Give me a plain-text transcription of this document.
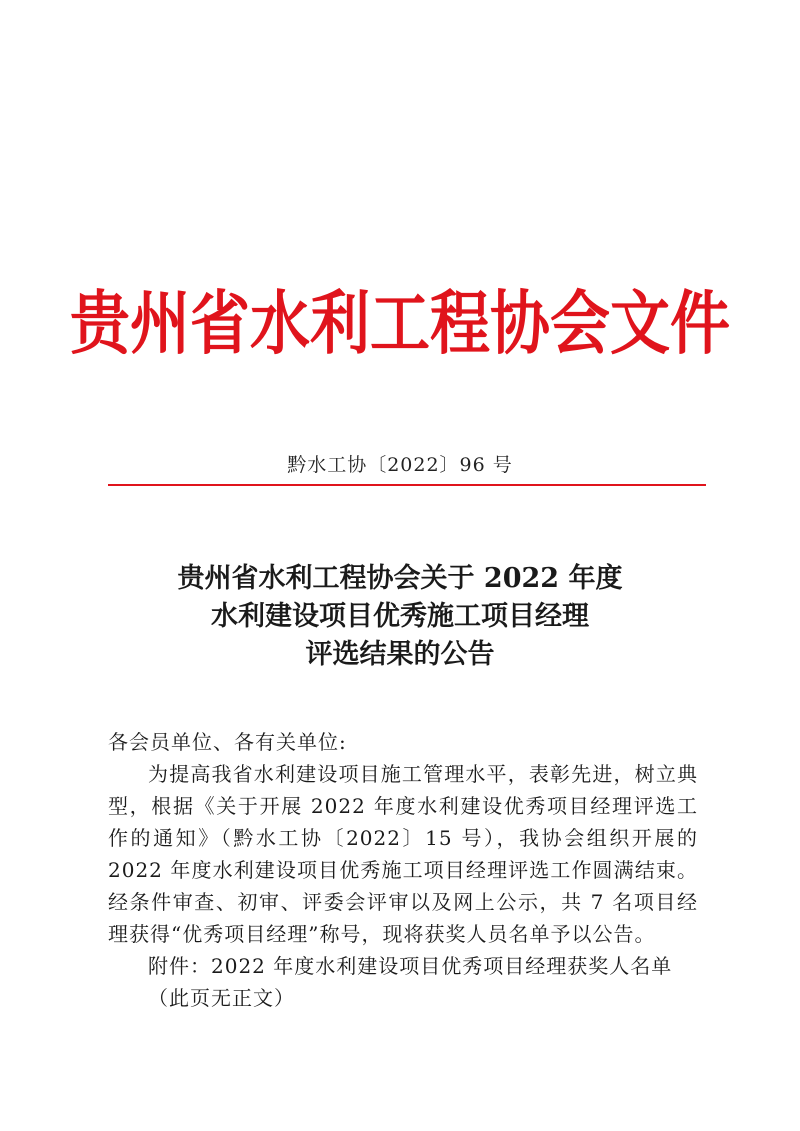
贵州省水利工程协会文件
黔水工协〔2022〕96 号
贵州省水利工程协会关于 2022 年度
水利建设项目优秀施工项目经理
评选结果的公告

各会员单位、各有关单位:

为提高我省水利建设项目施工管理水平，表彰先进，树立典型，根据《关于开展 2022 年度水利建设优秀项目经理评选工作的通知》（黔水工协〔2022〕15 号），我协会组织开展的 2022 年度水利建设项目优秀施工项目经理评选工作圆满结束。经条件审查、初审、评委会评审以及网上公示，共 7 名项目经理获得“优秀项目经理”称号，现将获奖人员名单予以公告。

附件：2022 年度水利建设项目优秀项目经理获奖人名单

（此页无正文）
